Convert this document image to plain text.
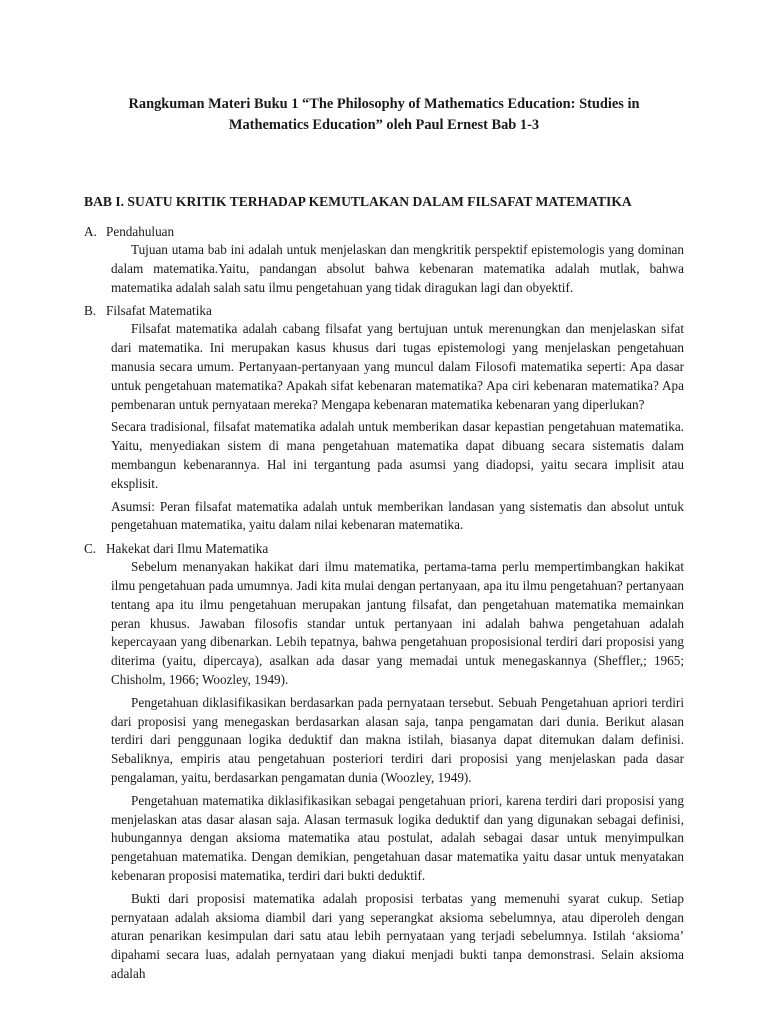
Rangkuman Materi Buku 1 “The Philosophy of Mathematics Education: Studies in
Mathematics Education” oleh Paul Ernest Bab 1-3
BAB I. SUATU KRITIK TERHADAP KEMUTLAKAN DALAM FILSAFAT MATEMATIKA
A. Pendahuluan

Tujuan utama bab ini adalah untuk menjelaskan dan mengkritik perspektif epistemologis yang dominan dalam matematika.Yaitu, pandangan absolut bahwa kebenaran matematika adalah mutlak, bahwa matematika adalah salah satu ilmu pengetahuan yang tidak diragukan lagi dan obyektif.

B. Filsafat Matematika

Filsafat matematika adalah cabang filsafat yang bertujuan untuk merenungkan dan menjelaskan sifat dari matematika. Ini merupakan kasus khusus dari tugas epistemologi yang menjelaskan pengetahuan manusia secara umum. Pertanyaan-pertanyaan yang muncul dalam Filosofi matematika seperti: Apa dasar untuk pengetahuan matematika? Apakah sifat kebenaran matematika? Apa ciri kebenaran matematika? Apa pembenaran untuk pernyataan mereka? Mengapa kebenaran matematika kebenaran yang diperlukan?

Secara tradisional, filsafat matematika adalah untuk memberikan dasar kepastian pengetahuan matematika. Yaitu, menyediakan sistem di mana pengetahuan matematika dapat dibuang secara sistematis dalam membangun kebenarannya. Hal ini tergantung pada asumsi yang diadopsi, yaitu secara implisit atau eksplisit.

Asumsi: Peran filsafat matematika adalah untuk memberikan landasan yang sistematis dan absolut untuk pengetahuan matematika, yaitu dalam nilai kebenaran matematika.

C. Hakekat dari Ilmu Matematika

Sebelum menanyakan hakikat dari ilmu matematika, pertama-tama perlu mempertimbangkan hakikat ilmu pengetahuan pada umumnya. Jadi kita mulai dengan pertanyaan, apa itu ilmu pengetahuan? pertanyaan tentang apa itu ilmu pengetahuan merupakan jantung filsafat, dan pengetahuan matematika memainkan peran khusus. Jawaban filosofis standar untuk pertanyaan ini adalah bahwa pengetahuan adalah kepercayaan yang dibenarkan. Lebih tepatnya, bahwa pengetahuan proposisional terdiri dari proposisi yang diterima (yaitu, dipercaya), asalkan ada dasar yang memadai untuk menegaskannya (Sheffler,; 1965; Chisholm, 1966; Woozley, 1949).

Pengetahuan diklasifikasikan berdasarkan pada pernyataan tersebut. Sebuah Pengetahuan apriori terdiri dari proposisi yang menegaskan berdasarkan alasan saja, tanpa pengamatan dari dunia. Berikut alasan terdiri dari penggunaan logika deduktif dan makna istilah, biasanya dapat ditemukan dalam definisi. Sebaliknya, empiris atau pengetahuan posteriori terdiri dari proposisi yang menjelaskan pada dasar pengalaman, yaitu, berdasarkan pengamatan dunia (Woozley, 1949).

Pengetahuan matematika diklasifikasikan sebagai pengetahuan priori, karena terdiri dari proposisi yang menjelaskan atas dasar alasan saja. Alasan termasuk logika deduktif dan yang digunakan sebagai definisi, hubungannya dengan aksioma matematika atau postulat, adalah sebagai dasar untuk menyimpulkan pengetahuan matematika. Dengan demikian, pengetahuan dasar matematika yaitu dasar untuk menyatakan kebenaran proposisi matematika, terdiri dari bukti deduktif.

Bukti dari proposisi matematika adalah proposisi terbatas yang memenuhi syarat cukup. Setiap pernyataan adalah aksioma diambil dari yang seperangkat aksioma sebelumnya, atau diperoleh dengan aturan penarikan kesimpulan dari satu atau lebih pernyataan yang terjadi sebelumnya. Istilah ‘aksioma’ dipahami secara luas, adalah pernyataan yang diakui menjadi bukti tanpa demonstrasi. Selain aksioma adalah
